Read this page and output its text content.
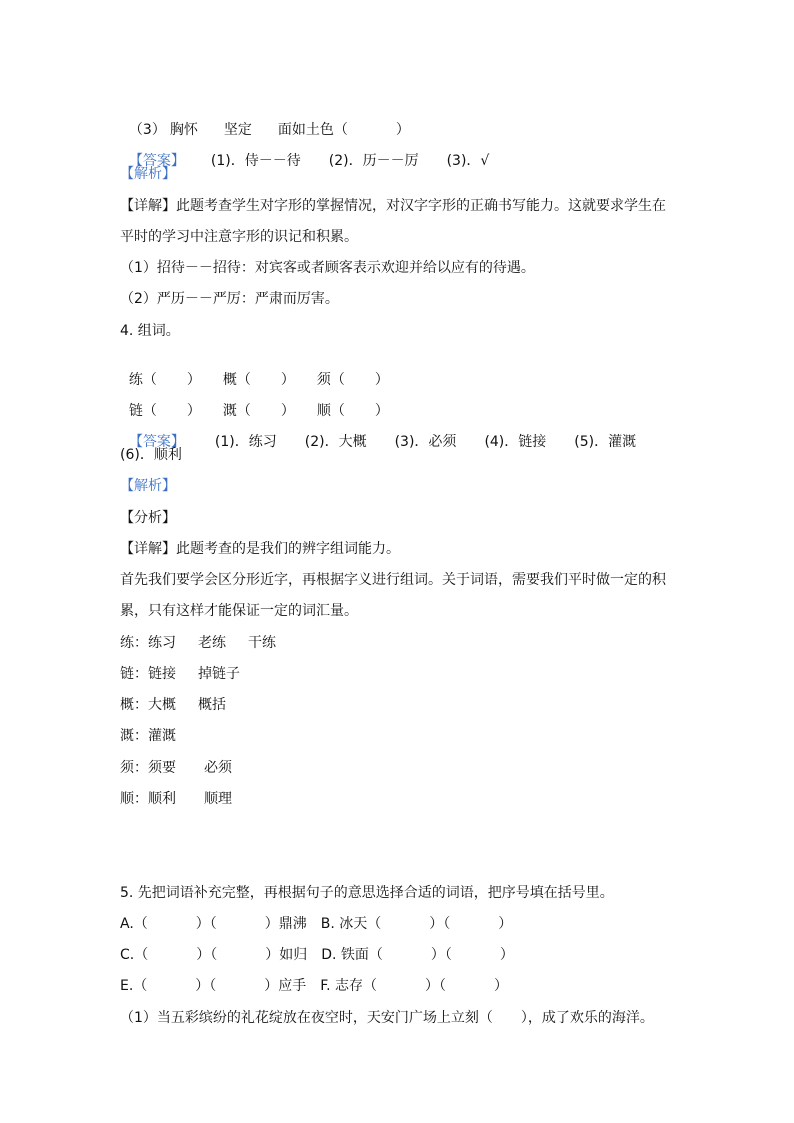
（3） 胸怀 坚定 面如土色（	）

【答案】 (1)．侍－－待 (2)．历－－厉 (3)．√

【解析】
【详解】此题考查学生对字形的掌握情况，对汉字字形的正确书写能力。这就要求学生在
平时的学习中注意字形的识记和积累。
（1）招待－－招待：对宾客或者顾客表示欢迎并给以应有的待遇。
（2）严历－－严厉：严肃而厉害。
4. 组词。

练（ ） 概（ ） 须（ ）

链（ ） 溉（ ） 顺（ ）

【答案】 (1)．练习 (2)．大概 (3)．必须 (4)．链接 (5)．灌溉

(6)．顺利
【解析】
【分析】
【详解】此题考查的是我们的辨字组词能力。
首先我们要学会区分形近字，再根据字义进行组词。关于词语，需要我们平时做一定的积
累，只有这样才能保证一定的词汇量。
练：练习 老练 干练
链：链接 掉链子
概：大概 概括
溉：灌溉
须：须要 必须
顺：顺利 顺理
5. 先把词语补充完整，再根据句子的意思选择合适的词语，把序号填在括号里。
A.（	）（	）鼎沸 B. 冰天（	）（	）
C.（	）（	）如归 D. 铁面（	）（	）
E.（	）（	）应手 F. 志存（	）（	）
（1）当五彩缤纷的礼花绽放在夜空时，天安门广场上立刻（　　），成了欢乐的海洋。
